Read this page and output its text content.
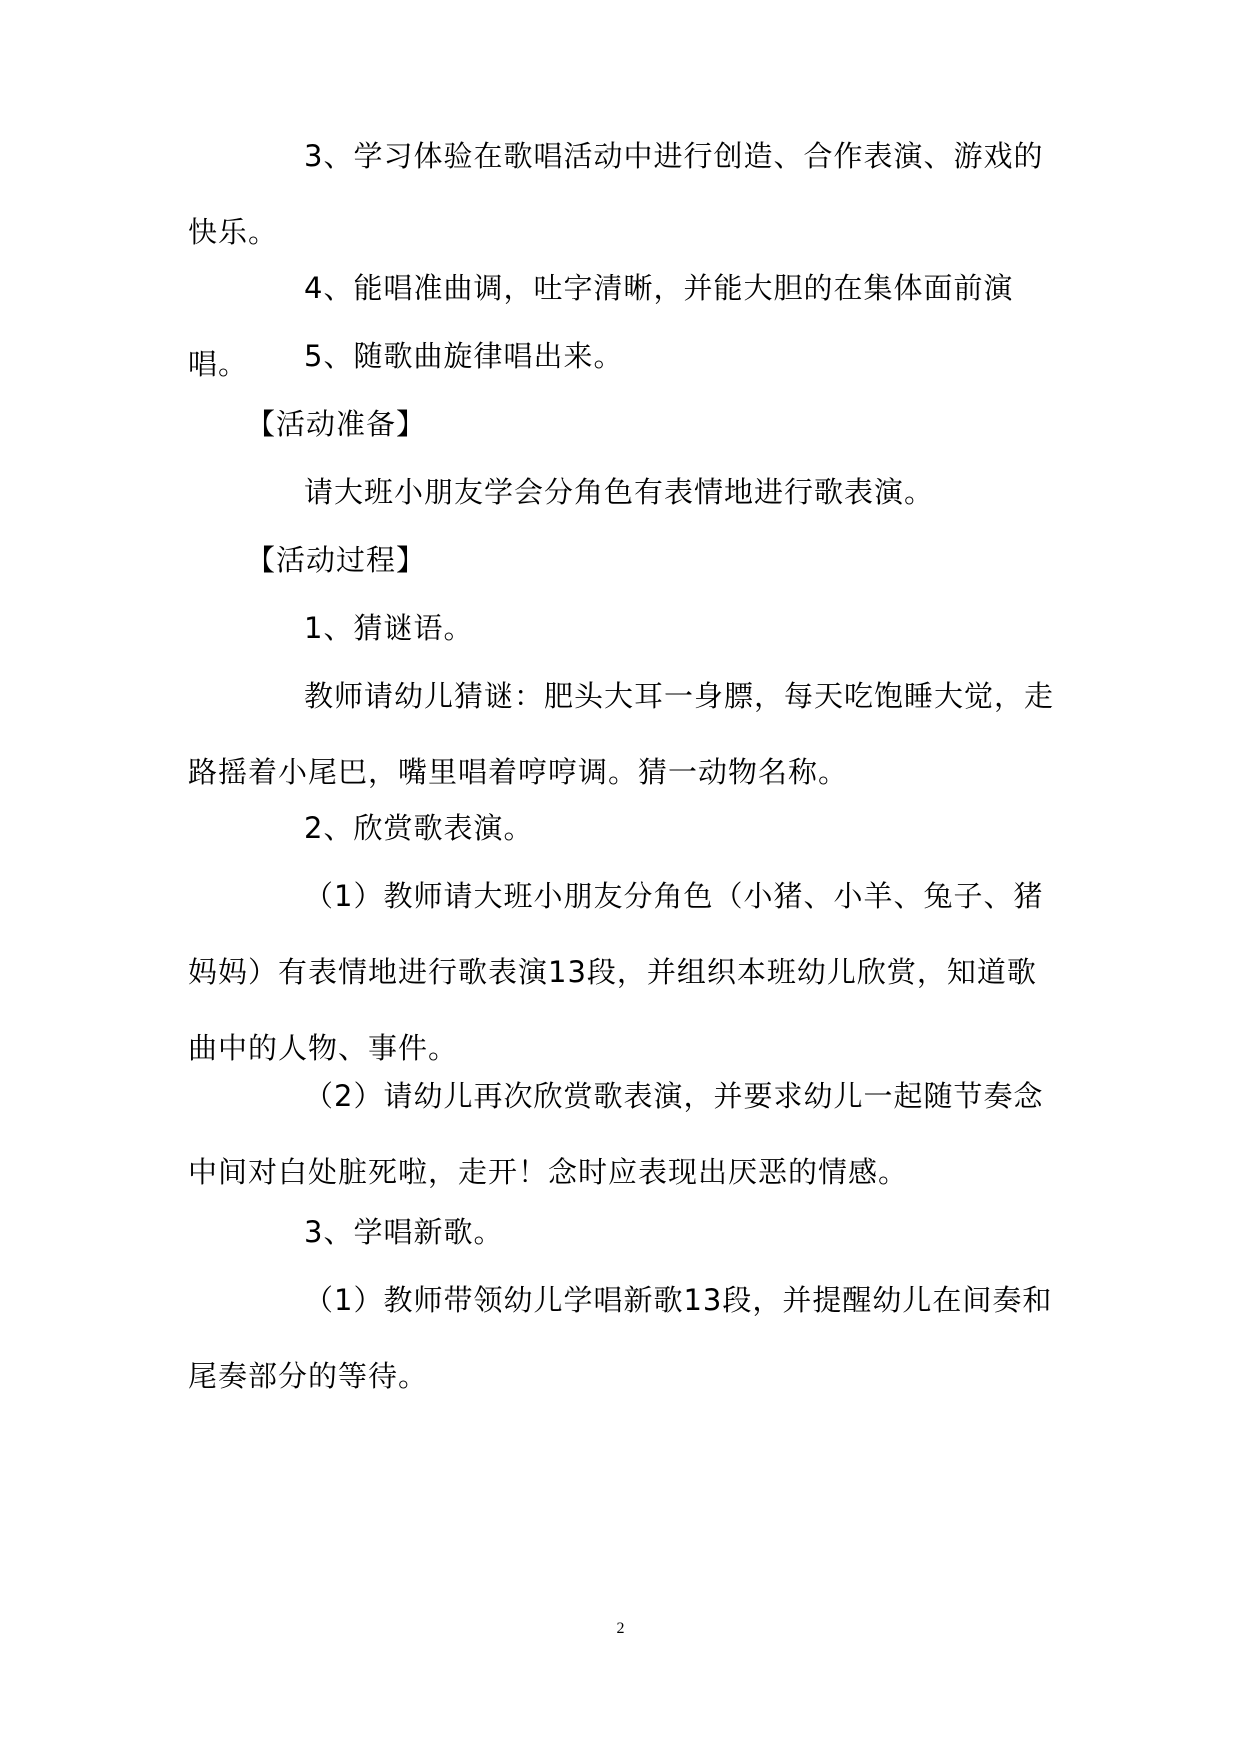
3、学习体验在歌唱活动中进行创造、合作表演、游戏的快乐。

4、能唱准曲调，吐字清晰，并能大胆的在集体面前演唱。	5、随歌曲旋律唱出来。

【活动准备】

请大班小朋友学会分角色有表情地进行歌表演。

【活动过程】

1、猜谜语。

教师请幼儿猜谜：肥头大耳一身膘，每天吃饱睡大觉，走路摇着小尾巴，嘴里唱着哼哼调。猜一动物名称。

2、欣赏歌表演。

（1）教师请大班小朋友分角色（小猪、小羊、兔子、猪妈妈）有表情地进行歌表演13段，并组织本班幼儿欣赏，知道歌曲中的人物、事件。

（2）请幼儿再次欣赏歌表演，并要求幼儿一起随节奏念中间对白处脏死啦，走开！念时应表现出厌恶的情感。

3、学唱新歌。

（1）教师带领幼儿学唱新歌13段，并提醒幼儿在间奏和尾奏部分的等待。

2
